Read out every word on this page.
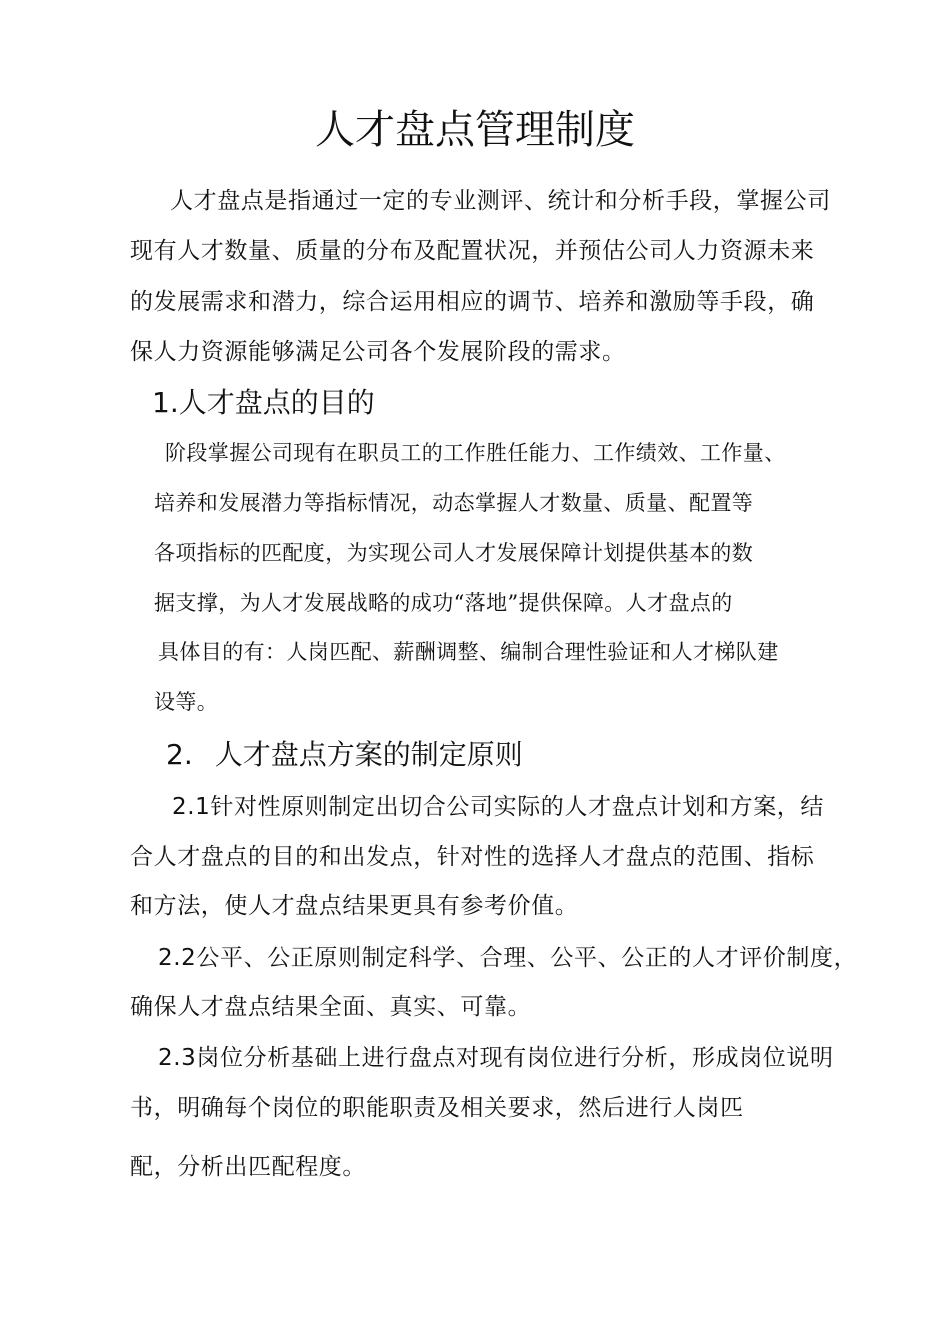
人才盘点管理制度
人才盘点是指通过一定的专业测评、统计和分析手段，掌握公司
现有人才数量、质量的分布及配置状况，并预估公司人力资源未来
的发展需求和潜力，综合运用相应的调节、培养和激励等手段，确
保人力资源能够满足公司各个发展阶段的需求。
1.人才盘点的目的
阶段掌握公司现有在职员工的工作胜任能力、工作绩效、工作量、
培养和发展潜力等指标情况，动态掌握人才数量、质量、配置等
各项指标的匹配度，为实现公司人才发展保障计划提供基本的数
据支撑，为人才发展战略的成功“落地”提供保障。人才盘点的
具体目的有：人岗匹配、薪酬调整、编制合理性验证和人才梯队建
设等。
2. 人才盘点方案的制定原则
2.1针对性原则制定出切合公司实际的人才盘点计划和方案，结
合人才盘点的目的和出发点，针对性的选择人才盘点的范围、指标
和方法，使人才盘点结果更具有参考价值。
2.2公平、公正原则制定科学、合理、公平、公正的人才评价制度，
确保人才盘点结果全面、真实、可靠。
2.3岗位分析基础上进行盘点对现有岗位进行分析，形成岗位说明
书，明确每个岗位的职能职责及相关要求，然后进行人岗匹
配，分析出匹配程度。
